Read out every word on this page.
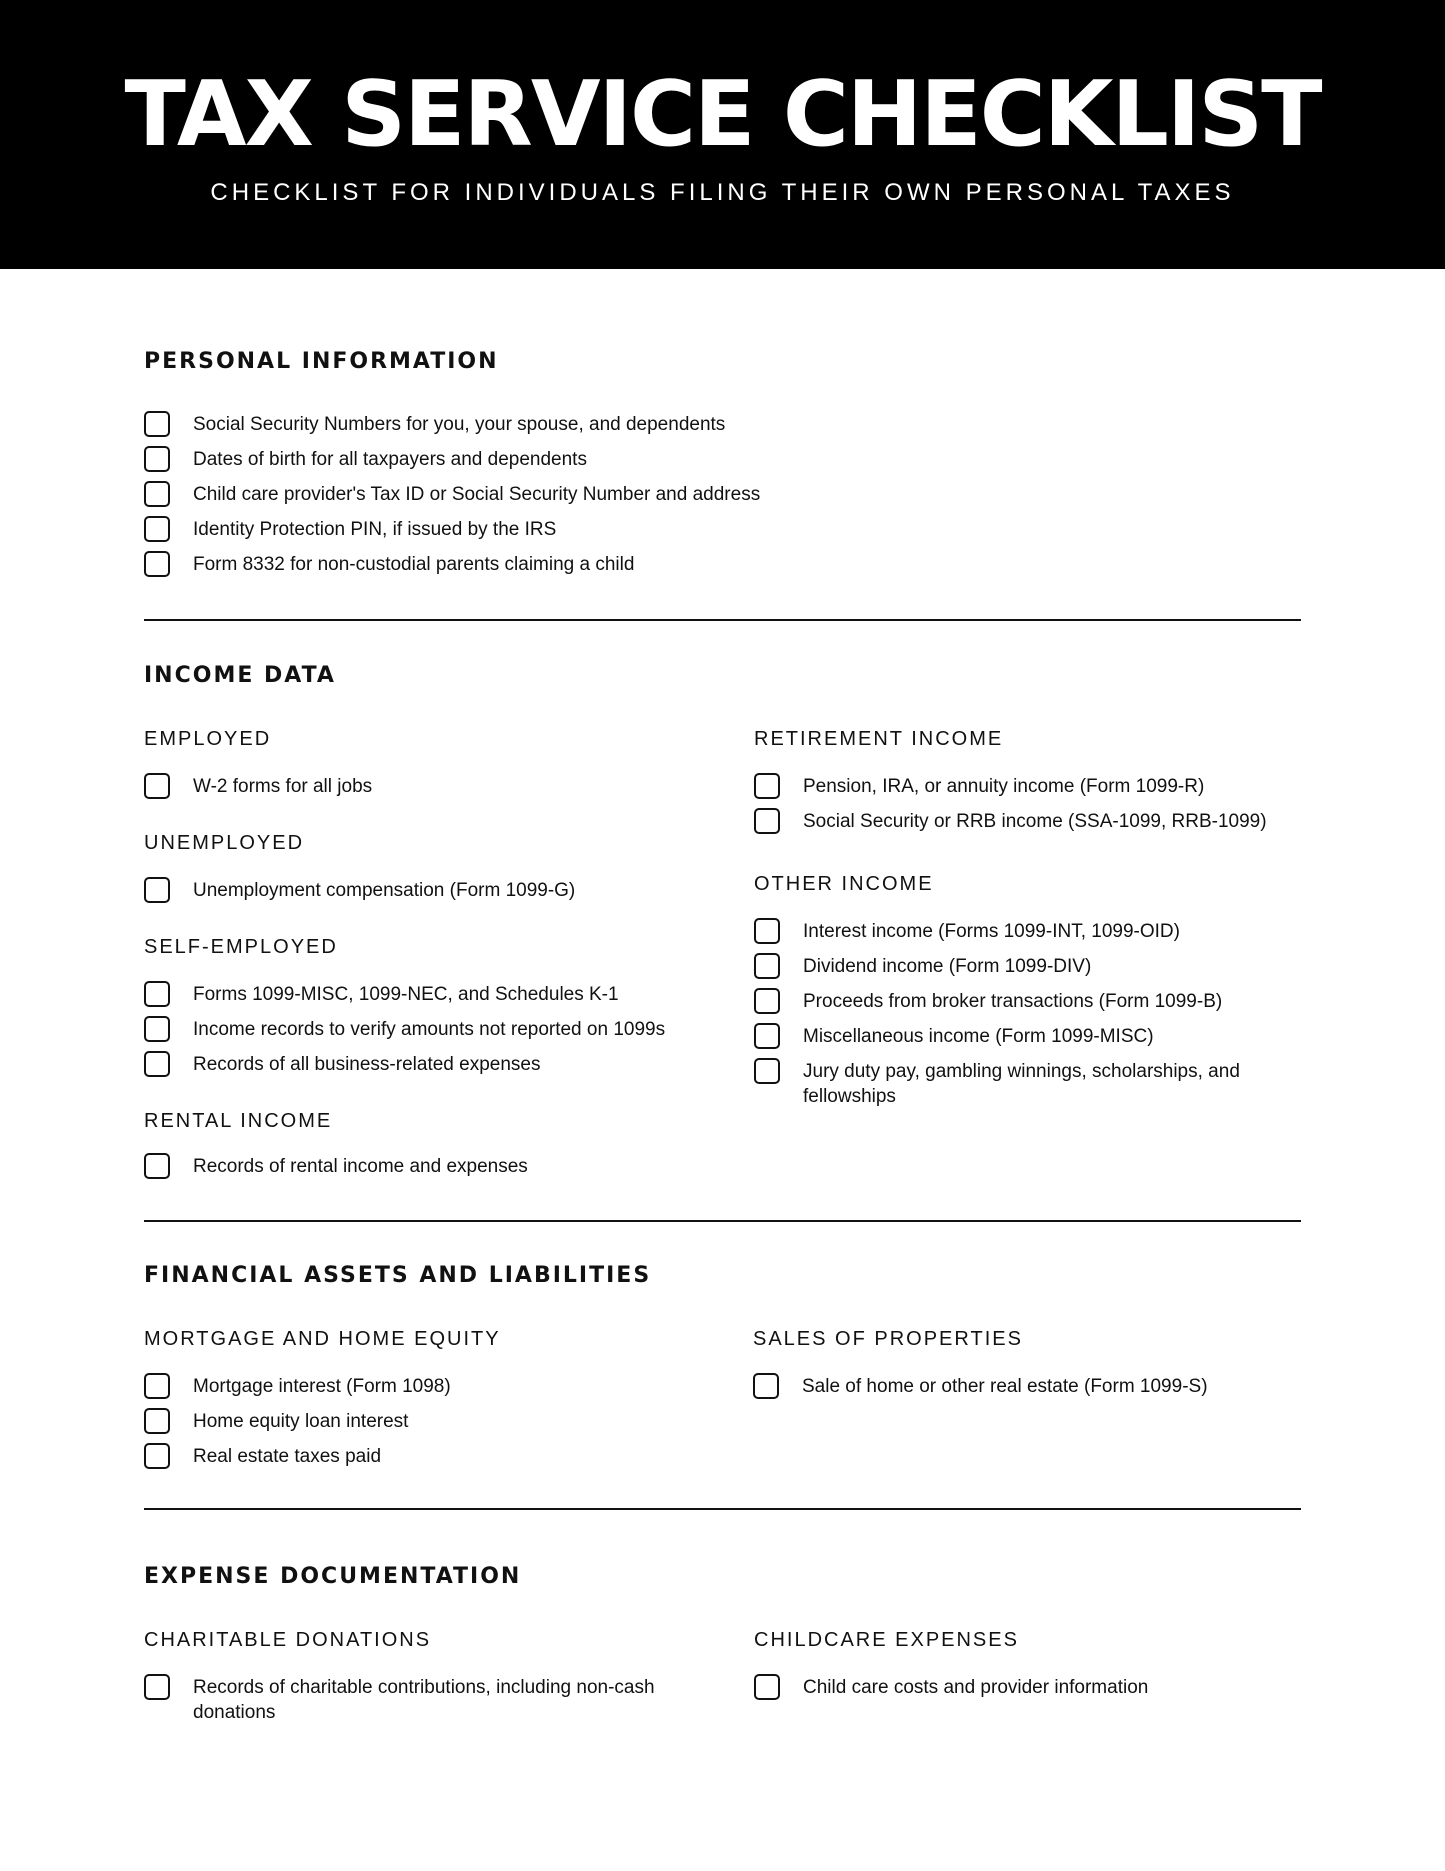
TAX SERVICE CHECKLIST
CHECKLIST FOR INDIVIDUALS FILING THEIR OWN PERSONAL TAXES
PERSONAL INFORMATION
Social Security Numbers for you, your spouse, and dependents
Dates of birth for all taxpayers and dependents
Child care provider's Tax ID or Social Security Number and address
Identity Protection PIN, if issued by the IRS
Form 8332 for non-custodial parents claiming a child
INCOME DATA
EMPLOYED
W-2 forms for all jobs
UNEMPLOYED
Unemployment compensation (Form 1099-G)
SELF-EMPLOYED
Forms 1099-MISC, 1099-NEC, and Schedules K-1
Income records to verify amounts not reported on 1099s
Records of all business-related expenses
RENTAL INCOME
Records of rental income and expenses
RETIREMENT INCOME
Pension, IRA, or annuity income (Form 1099-R)
Social Security or RRB income (SSA-1099, RRB-1099)
OTHER INCOME
Interest income (Forms 1099-INT, 1099-OID)
Dividend income (Form 1099-DIV)
Proceeds from broker transactions (Form 1099-B)
Miscellaneous income (Form 1099-MISC)
Jury duty pay, gambling winnings, scholarships, and fellowships
FINANCIAL ASSETS AND LIABILITIES
MORTGAGE AND HOME EQUITY
Mortgage interest (Form 1098)
Home equity loan interest
Real estate taxes paid
SALES OF PROPERTIES
Sale of home or other real estate (Form 1099-S)
EXPENSE DOCUMENTATION
CHARITABLE DONATIONS
Records of charitable contributions, including non-cash donations
CHILDCARE EXPENSES
Child care costs and provider information
